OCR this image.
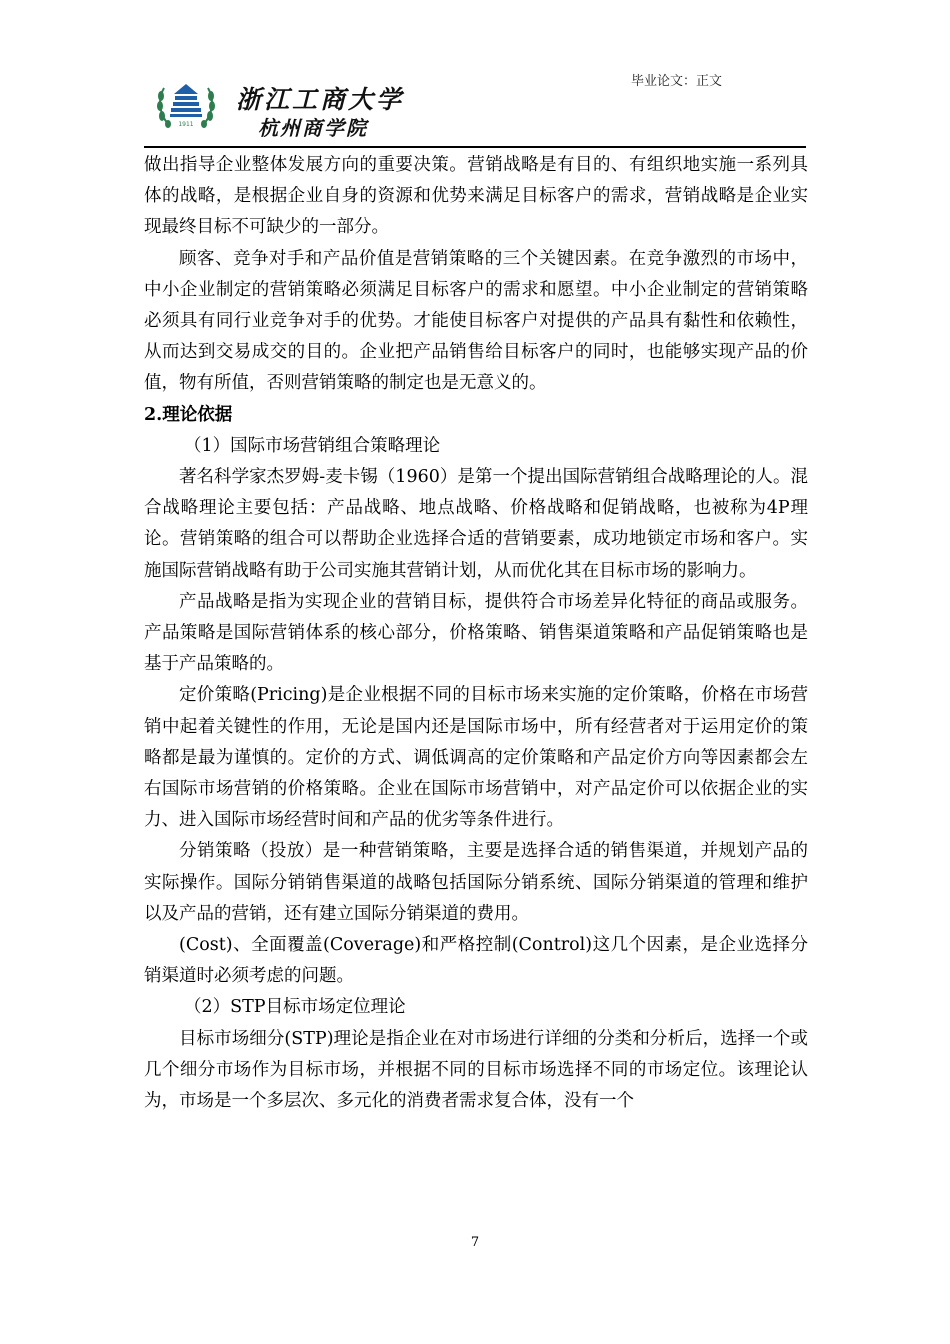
1911
浙江工商大学
杭州商学院
毕业论文：正文

做出指导企业整体发展方向的重要决策。营销战略是有目的、有组织地实施一系列具体的战略，是根据企业自身的资源和优势来满足目标客户的需求，营销战略是企业实现最终目标不可缺少的一部分。

顾客、竞争对手和产品价值是营销策略的三个关键因素。在竞争激烈的市场中，中小企业制定的营销策略必须满足目标客户的需求和愿望。中小企业制定的营销策略必须具有同行业竞争对手的优势。才能使目标客户对提供的产品具有黏性和依赖性，从而达到交易成交的目的。企业把产品销售给目标客户的同时，也能够实现产品的价值，物有所值，否则营销策略的制定也是无意义的。

2.理论依据

（1）国际市场营销组合策略理论

著名科学家杰罗姆-麦卡锡（1960）是第一个提出国际营销组合战略理论的人。混合战略理论主要包括：产品战略、地点战略、价格战略和促销战略，也被称为4P理论。营销策略的组合可以帮助企业选择合适的营销要素，成功地锁定市场和客户。实施国际营销战略有助于公司实施其营销计划，从而优化其在目标市场的影响力。

产品战略是指为实现企业的营销目标，提供符合市场差异化特征的商品或服务。产品策略是国际营销体系的核心部分，价格策略、销售渠道策略和产品促销策略也是基于产品策略的。

定价策略(Pricing)是企业根据不同的目标市场来实施的定价策略，价格在市场营销中起着关键性的作用，无论是国内还是国际市场中，所有经营者对于运用定价的策略都是最为谨慎的。定价的方式、调低调高的定价策略和产品定价方向等因素都会左右国际市场营销的价格策略。企业在国际市场营销中，对产品定价可以依据企业的实力、进入国际市场经营时间和产品的优劣等条件进行。

分销策略（投放）是一种营销策略，主要是选择合适的销售渠道，并规划产品的实际操作。国际分销销售渠道的战略包括国际分销系统、国际分销渠道的管理和维护以及产品的营销，还有建立国际分销渠道的费用。

(Cost)、全面覆盖(Coverage)和严格控制(Control)这几个因素，是企业选择分销渠道时必须考虑的问题。

（2）STP目标市场定位理论

目标市场细分(STP)理论是指企业在对市场进行详细的分类和分析后，选择一个或几个细分市场作为目标市场，并根据不同的目标市场选择不同的市场定位。该理论认为，市场是一个多层次、多元化的消费者需求复合体，没有一个

7
